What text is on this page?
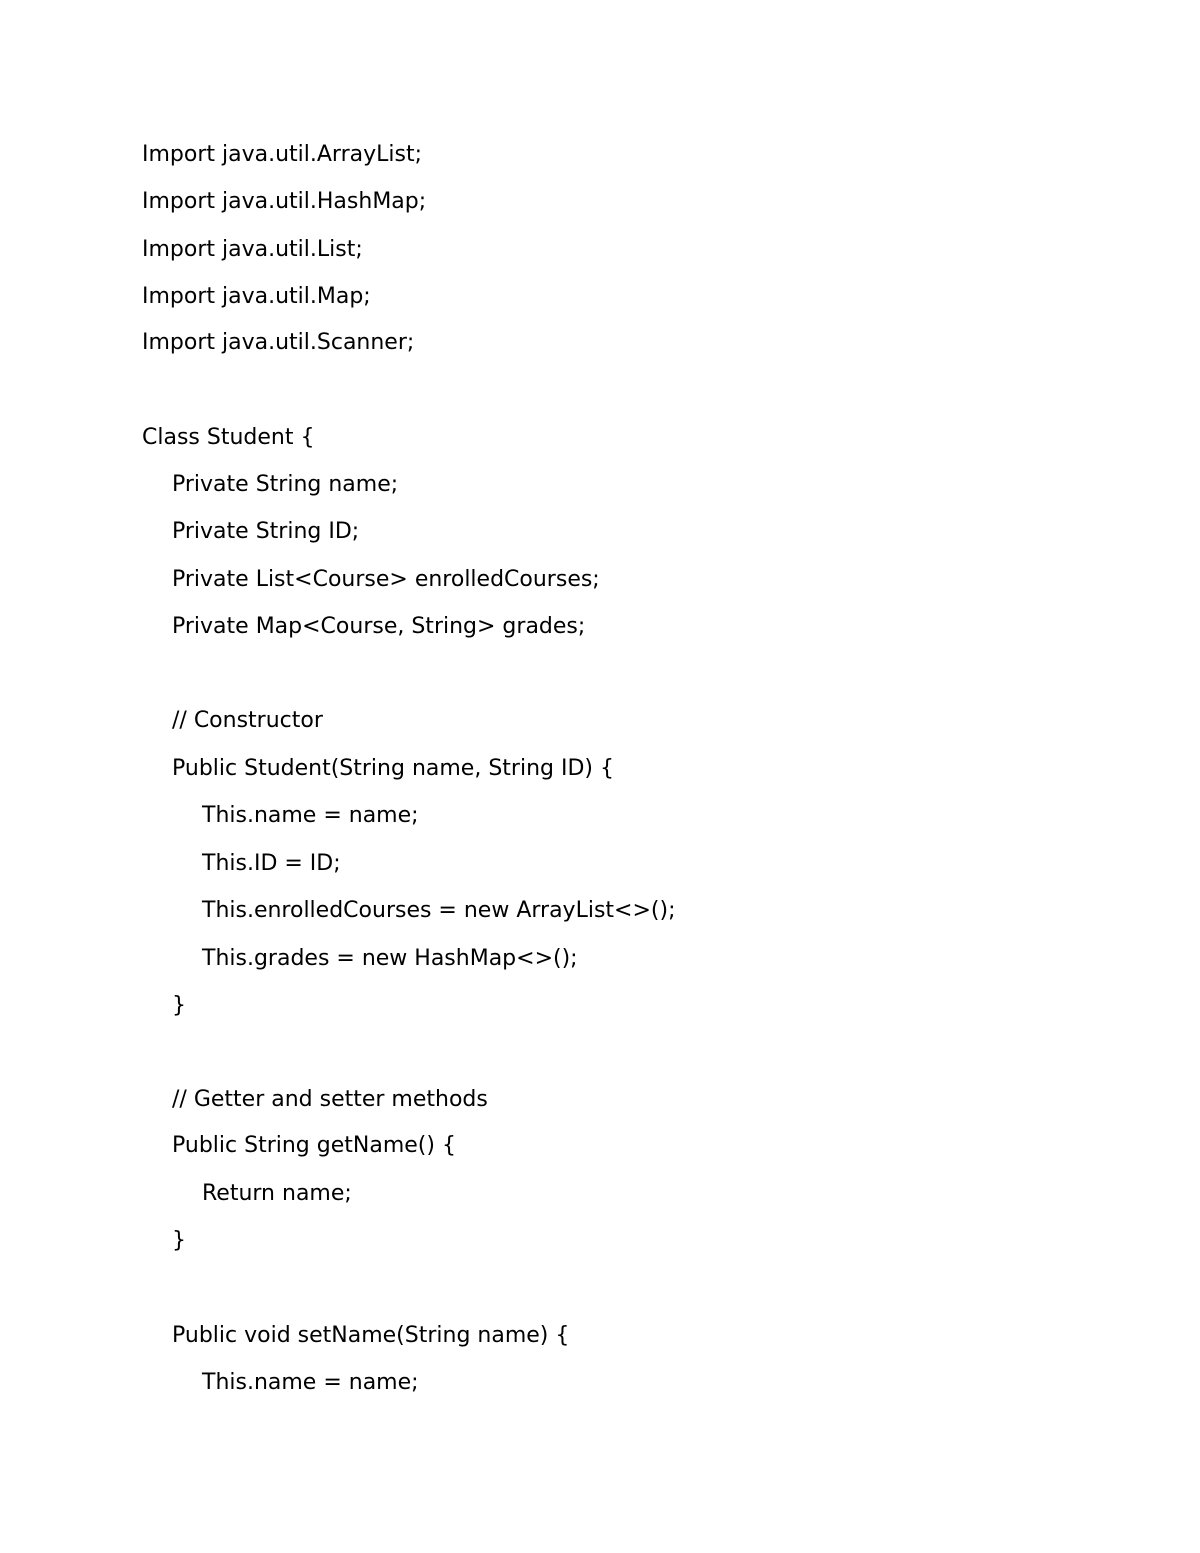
Import java.util.ArrayList;
Import java.util.HashMap;
Import java.util.List;
Import java.util.Map;
Import java.util.Scanner;
Class Student {
Private String name;
Private String ID;
Private List<Course> enrolledCourses;
Private Map<Course, String> grades;
// Constructor
Public Student(String name, String ID) {
This.name = name;
This.ID = ID;
This.enrolledCourses = new ArrayList<>();
This.grades = new HashMap<>();
}
// Getter and setter methods
Public String getName() {
Return name;
}
Public void setName(String name) {
This.name = name;
